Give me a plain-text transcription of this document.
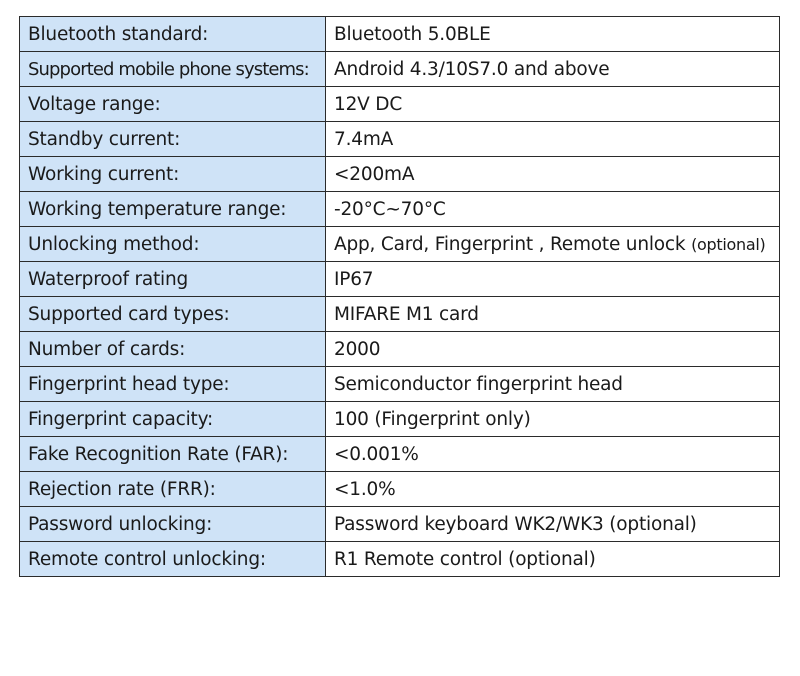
Bluetooth standard:	Bluetooth 5.0BLE
Supported mobile phone systems:	Android 4.3/10S7.0 and above
Voltage range:	12V DC
Standby current:	7.4mA
Working current:	<200mA
Working temperature range:	-20°C~70°C
Unlocking method:	App, Card, Fingerprint , Remote unlock (optional)
Waterproof rating	IP67
Supported card types:	MIFARE M1 card
Number of cards:	2000
Fingerprint head type:	Semiconductor fingerprint head
Fingerprint capacity:	100 (Fingerprint only)
Fake Recognition Rate (FAR):	<0.001%
Rejection rate (FRR):	<1.0%
Password unlocking:	Password keyboard WK2/WK3 (optional)
Remote control unlocking:	R1 Remote control (optional)
